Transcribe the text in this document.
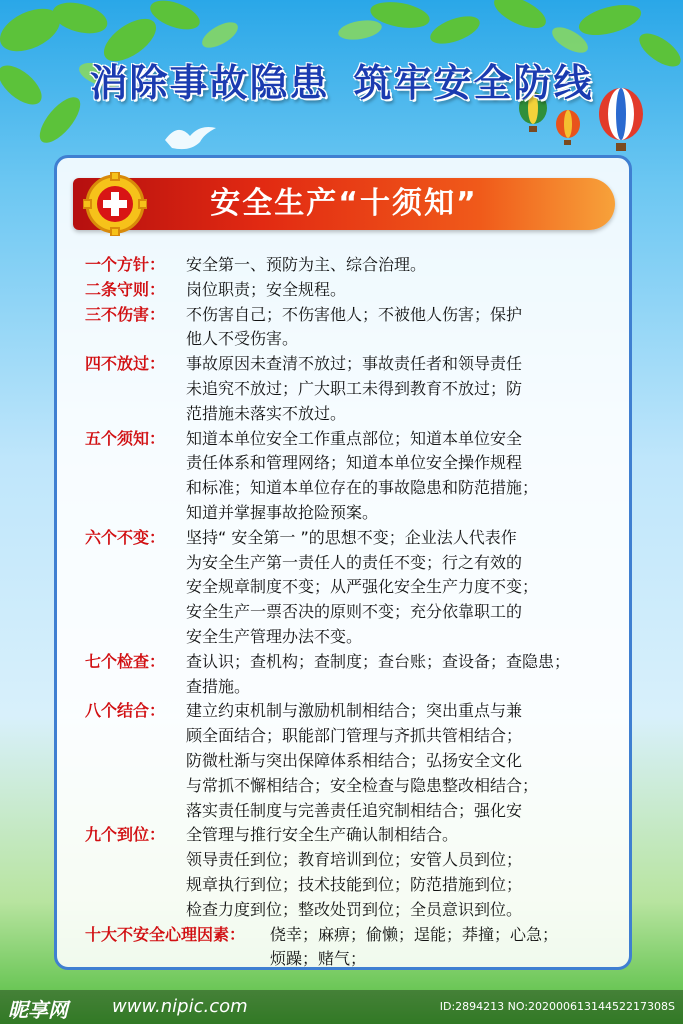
消除事故隐患 筑牢安全防线
安全生产“十须知”
一个方针：	安全第一、预防为主、综合治理。
二条守则：	岗位职责；安全规程。
三不伤害：	不伤害自己；不伤害他人；不被他人伤害；保护
他人不受伤害。
四不放过：	事故原因未查清不放过；事故责任者和领导责任
未追究不放过；广大职工未得到教育不放过；防
范措施未落实不放过。
五个须知：	知道本单位安全工作重点部位；知道本单位安全
责任体系和管理网络；知道本单位安全操作规程
和标准；知道本单位存在的事故隐患和防范措施；
知道并掌握事故抢险预案。
六个不变：	坚持“ 安全第一 ”的思想不变；企业法人代表作
为安全生产第一责任人的责任不变；行之有效的
安全规章制度不变；从严强化安全生产力度不变；
安全生产一票否决的原则不变；充分依靠职工的
安全生产管理办法不变。
七个检查：	查认识；查机构；查制度；查台账；查设备；查隐患；
查措施。
八个结合：	建立约束机制与激励机制相结合；突出重点与兼
顾全面结合；职能部门管理与齐抓共管相结合；
防微杜渐与突出保障体系相结合；弘扬安全文化
与常抓不懈相结合；安全检查与隐患整改相结合；
落实责任制度与完善责任追究制相结合；强化安
九个到位：	全管理与推行安全生产确认制相结合。
领导责任到位；教育培训到位；安管人员到位；
规章执行到位；技术技能到位；防范措施到位；
检查力度到位；整改处罚到位；全员意识到位。
十大不安全心理因素：	侥幸；麻痹；偷懒；逞能；莽撞；心急；
烦躁；赌气；
昵享网 www.nipic.com	ID:2894213 NO:20200061314452217308S
